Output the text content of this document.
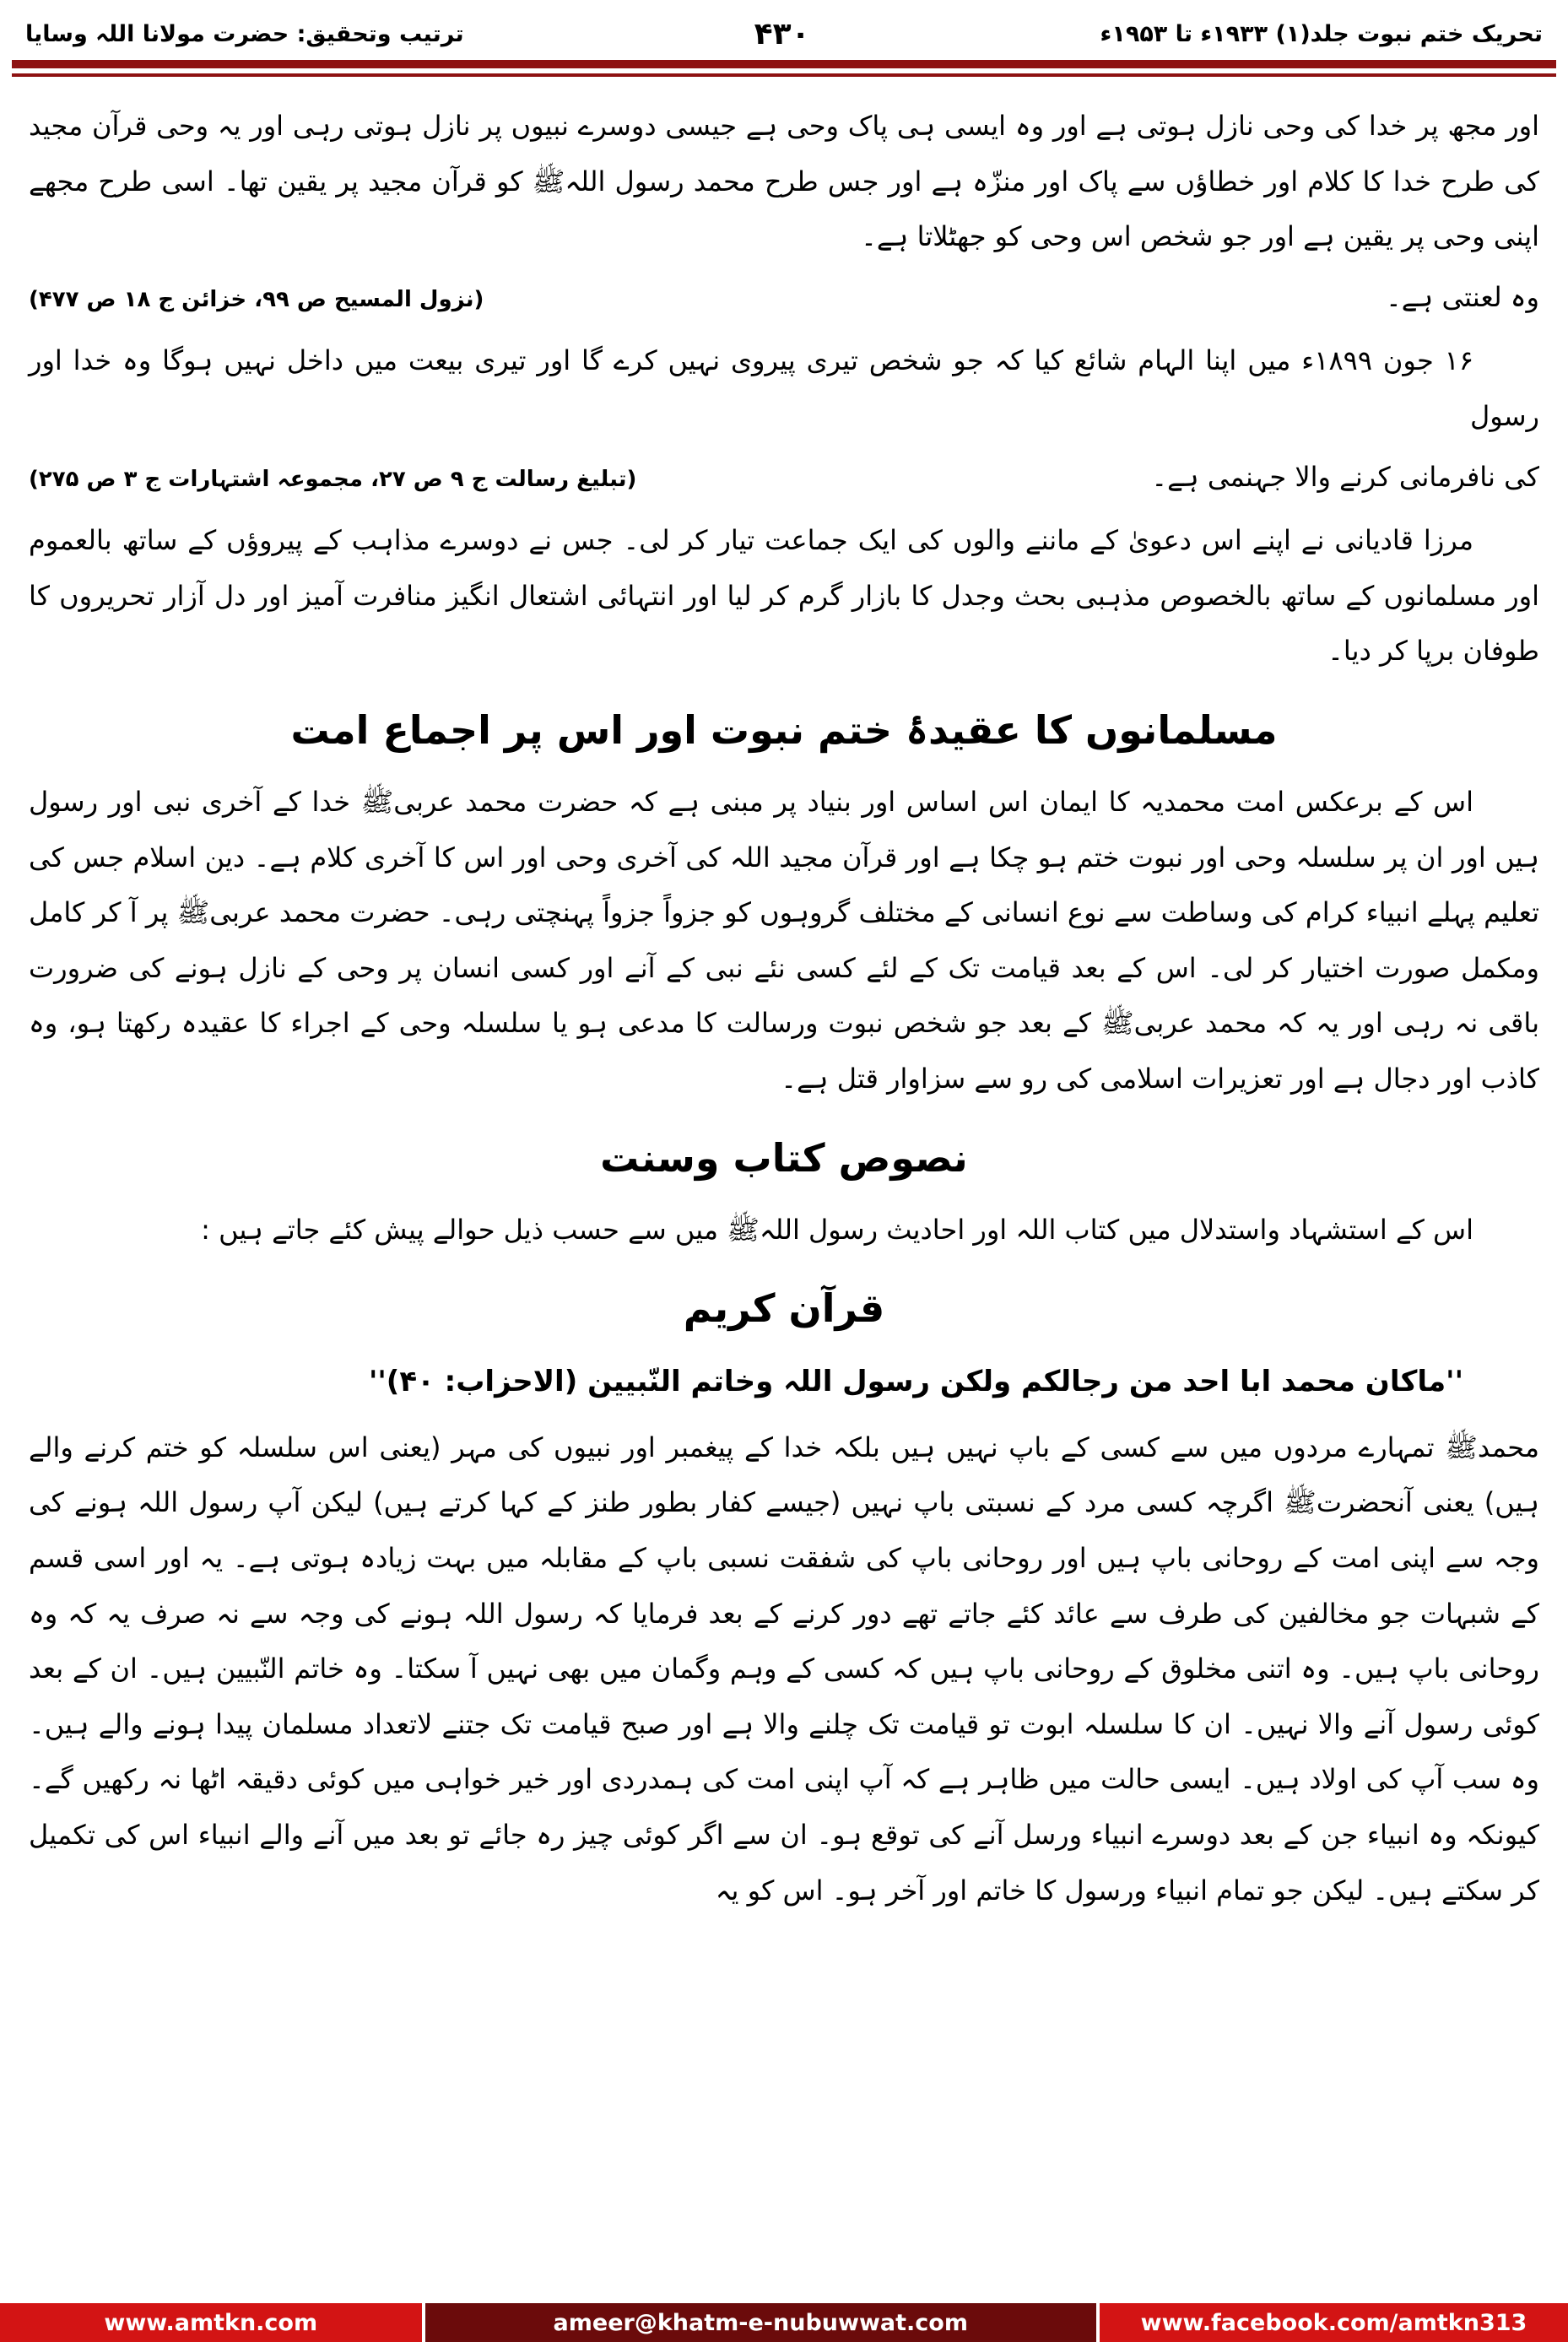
تحریک ختم نبوت جلد(۱) ۱۹۳۳ء تا ۱۹۵۳ء
۴۳۰
ترتیب وتحقیق: حضرت مولانا اللہ وسایا

اور مجھ پر خدا کی وحی نازل ہوتی ہے اور وہ ایسی ہی پاک وحی ہے جیسی دوسرے نبیوں پر نازل ہوتی رہی اور یہ وحی قرآن مجید کی طرح خدا کا کلام اور خطاؤں سے پاک اور منزّہ ہے اور جس طرح محمد رسول اللہﷺ کو قرآن مجید پر یقین تھا۔ اسی طرح مجھے اپنی وحی پر یقین ہے اور جو شخص اس وحی کو جھٹلاتا ہے۔

وہ لعنتی ہے۔
(نزول المسیح ص ۹۹، خزائن ج ۱۸ ص ۴۷۷)

۱۶ جون ۱۸۹۹ء میں اپنا الہام شائع کیا کہ جو شخص تیری پیروی نہیں کرے گا اور تیری بیعت میں داخل نہیں ہوگا وہ خدا اور رسول

کی نافرمانی کرنے والا جہنمی ہے۔
(تبلیغ رسالت ج ۹ ص ۲۷، مجموعہ اشتہارات ج ۳ ص ۲۷۵)

مرزا قادیانی نے اپنے اس دعویٰ کے ماننے والوں کی ایک جماعت تیار کر لی۔ جس نے دوسرے مذاہب کے پیروؤں کے ساتھ بالعموم اور مسلمانوں کے ساتھ بالخصوص مذہبی بحث وجدل کا بازار گرم کر لیا اور انتہائی اشتعال انگیز منافرت آمیز اور دل آزار تحریروں کا طوفان برپا کر دیا۔

مسلمانوں کا عقیدۂ ختم نبوت اور اس پر اجماع امت

اس کے برعکس امت محمدیہ کا ایمان اس اساس اور بنیاد پر مبنی ہے کہ حضرت محمد عربیﷺ خدا کے آخری نبی اور رسول ہیں اور ان پر سلسلہ وحی اور نبوت ختم ہو چکا ہے اور قرآن مجید اللہ کی آخری وحی اور اس کا آخری کلام ہے۔ دین اسلام جس کی تعلیم پہلے انبیاء کرام کی وساطت سے نوع انسانی کے مختلف گروہوں کو جزواً جزواً پہنچتی رہی۔ حضرت محمد عربیﷺ پر آ کر کامل ومکمل صورت اختیار کر لی۔ اس کے بعد قیامت تک کے لئے کسی نئے نبی کے آنے اور کسی انسان پر وحی کے نازل ہونے کی ضرورت باقی نہ رہی اور یہ کہ محمد عربیﷺ کے بعد جو شخص نبوت ورسالت کا مدعی ہو یا سلسلہ وحی کے اجراء کا عقیدہ رکھتا ہو، وہ کاذب اور دجال ہے اور تعزیرات اسلامی کی رو سے سزاوار قتل ہے۔

نصوص کتاب وسنت

اس کے استشہاد واستدلال میں کتاب اللہ اور احادیث رسول اللہﷺ میں سے حسب ذیل حوالے پیش کئے جاتے ہیں :

قرآن کریم

''ماکان محمد ابا احد من رجالکم ولکن رسول اللہ وخاتم النّبیین (الاحزاب: ۴۰)''

محمدﷺ تمہارے مردوں میں سے کسی کے باپ نہیں ہیں بلکہ خدا کے پیغمبر اور نبیوں کی مہر (یعنی اس سلسلہ کو ختم کرنے والے ہیں) یعنی آنحضرتﷺ اگرچہ کسی مرد کے نسبتی باپ نہیں (جیسے کفار بطور طنز کے کہا کرتے ہیں) لیکن آپ رسول اللہ ہونے کی وجہ سے اپنی امت کے روحانی باپ ہیں اور روحانی باپ کی شفقت نسبی باپ کے مقابلہ میں بہت زیادہ ہوتی ہے۔ یہ اور اسی قسم کے شبہات جو مخالفین کی طرف سے عائد کئے جاتے تھے دور کرنے کے بعد فرمایا کہ رسول اللہ ہونے کی وجہ سے نہ صرف یہ کہ وہ روحانی باپ ہیں۔ وہ اتنی مخلوق کے روحانی باپ ہیں کہ کسی کے وہم وگمان میں بھی نہیں آ سکتا۔ وہ خاتم النّبیین ہیں۔ ان کے بعد کوئی رسول آنے والا نہیں۔ ان کا سلسلہ ابوت تو قیامت تک چلنے والا ہے اور صبح قیامت تک جتنے لاتعداد مسلمان پیدا ہونے والے ہیں۔ وہ سب آپ کی اولاد ہیں۔ ایسی حالت میں ظاہر ہے کہ آپ اپنی امت کی ہمدردی اور خیر خواہی میں کوئی دقیقہ اٹھا نہ رکھیں گے۔ کیونکہ وہ انبیاء جن کے بعد دوسرے انبیاء ورسل آنے کی توقع ہو۔ ان سے اگر کوئی چیز رہ جائے تو بعد میں آنے والے انبیاء اس کی تکمیل کر سکتے ہیں۔ لیکن جو تمام انبیاء ورسول کا خاتم اور آخر ہو۔ اس کو یہ

www.amtkn.com	ameer@khatm-e-nubuwwat.com	www.facebook.com/amtkn313
